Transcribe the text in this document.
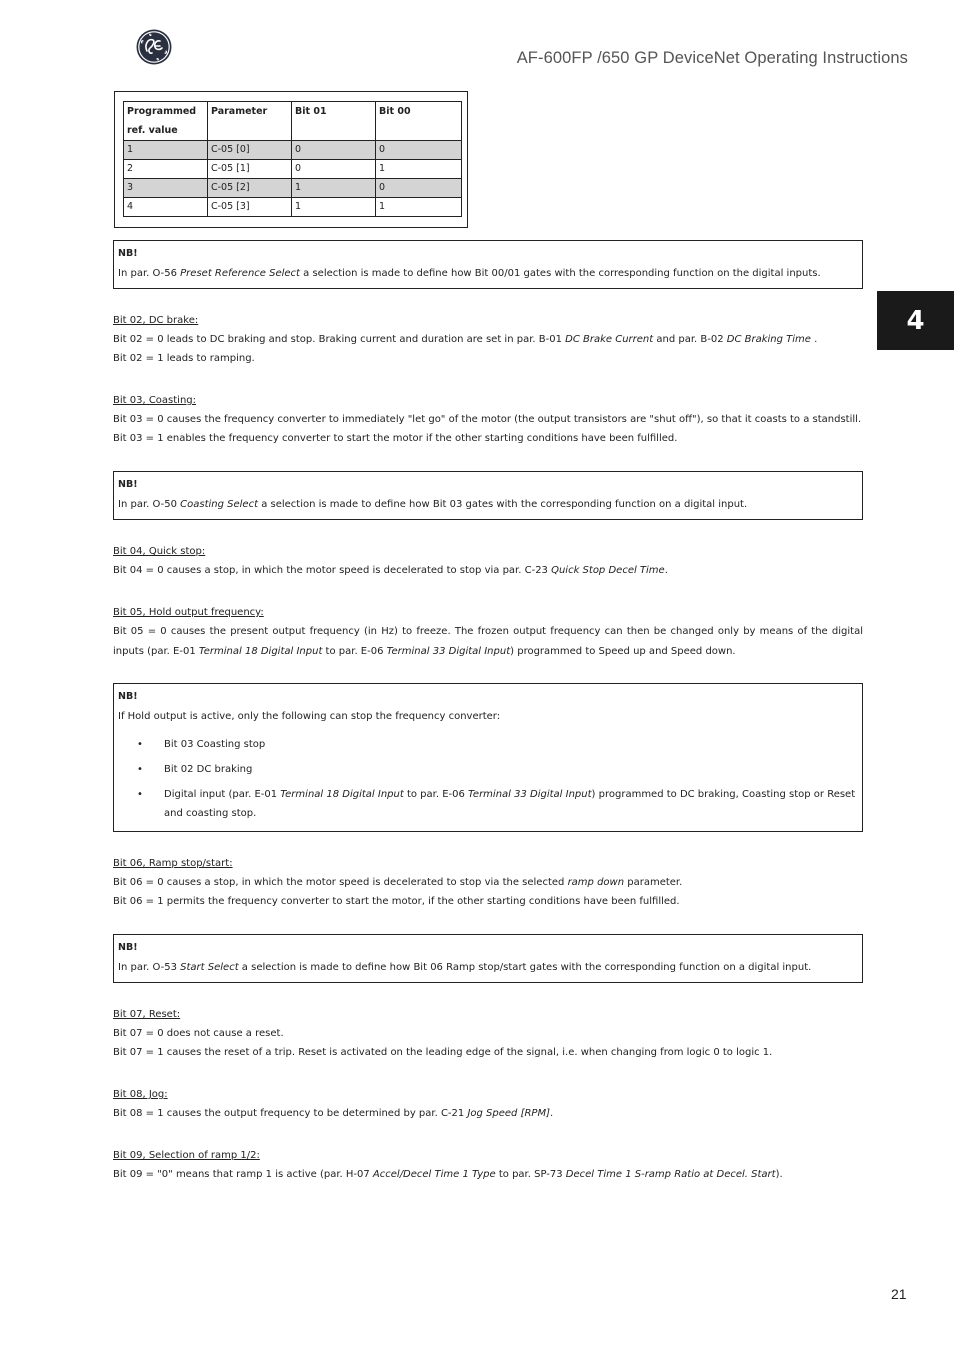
AF-600FP /650 GP DeviceNet Operating Instructions
4
Programmed ref. value	Parameter	Bit 01	Bit 00
1	C-05 [0]	0	0
2	C-05 [1]	0	1
3	C-05 [2]	1	0
4	C-05 [3]	1	1

NB!

In par. O-56 Preset Reference Select a selection is made to define how Bit 00/01 gates with the corresponding function on the digital inputs.

Bit 02, DC brake:

Bit 02 = 0 leads to DC braking and stop. Braking current and duration are set in par. B-01 DC Brake Current and par. B-02 DC Braking Time .

Bit 02 = 1 leads to ramping.

Bit 03, Coasting:

Bit 03 = 0 causes the frequency converter to immediately "let go" of the motor (the output transistors are "shut off"), so that it coasts to a standstill.

Bit 03 = 1 enables the frequency converter to start the motor if the other starting conditions have been fulfilled.

NB!

In par. O-50 Coasting Select a selection is made to define how Bit 03 gates with the corresponding function on a digital input.

Bit 04, Quick stop:

Bit 04 = 0 causes a stop, in which the motor speed is decelerated to stop via par. C-23 Quick Stop Decel Time.

Bit 05, Hold output frequency:

Bit 05 = 0 causes the present output frequency (in Hz) to freeze. The frozen output frequency can then be changed only by means of the digital inputs (par. E-01 Terminal 18 Digital Input to par. E-06 Terminal 33 Digital Input) programmed to Speed up and Speed down.

NB!

If Hold output is active, only the following can stop the frequency converter:

• Bit 03 Coasting stop
• Bit 02 DC braking
• Digital input (par. E-01 Terminal 18 Digital Input to par. E-06 Terminal 33 Digital Input) programmed to DC braking, Coasting stop or Reset and coasting stop.

Bit 06, Ramp stop/start:

Bit 06 = 0 causes a stop, in which the motor speed is decelerated to stop via the selected ramp down parameter.

Bit 06 = 1 permits the frequency converter to start the motor, if the other starting conditions have been fulfilled.

NB!

In par. O-53 Start Select a selection is made to define how Bit 06 Ramp stop/start gates with the corresponding function on a digital input.

Bit 07, Reset:

Bit 07 = 0 does not cause a reset.

Bit 07 = 1 causes the reset of a trip. Reset is activated on the leading edge of the signal, i.e. when changing from logic 0 to logic 1.

Bit 08, Jog:

Bit 08 = 1 causes the output frequency to be determined by par. C-21 Jog Speed [RPM].

Bit 09, Selection of ramp 1/2:

Bit 09 = "0" means that ramp 1 is active (par. H-07 Accel/Decel Time 1 Type to par. SP-73 Decel Time 1 S-ramp Ratio at Decel. Start).

21
